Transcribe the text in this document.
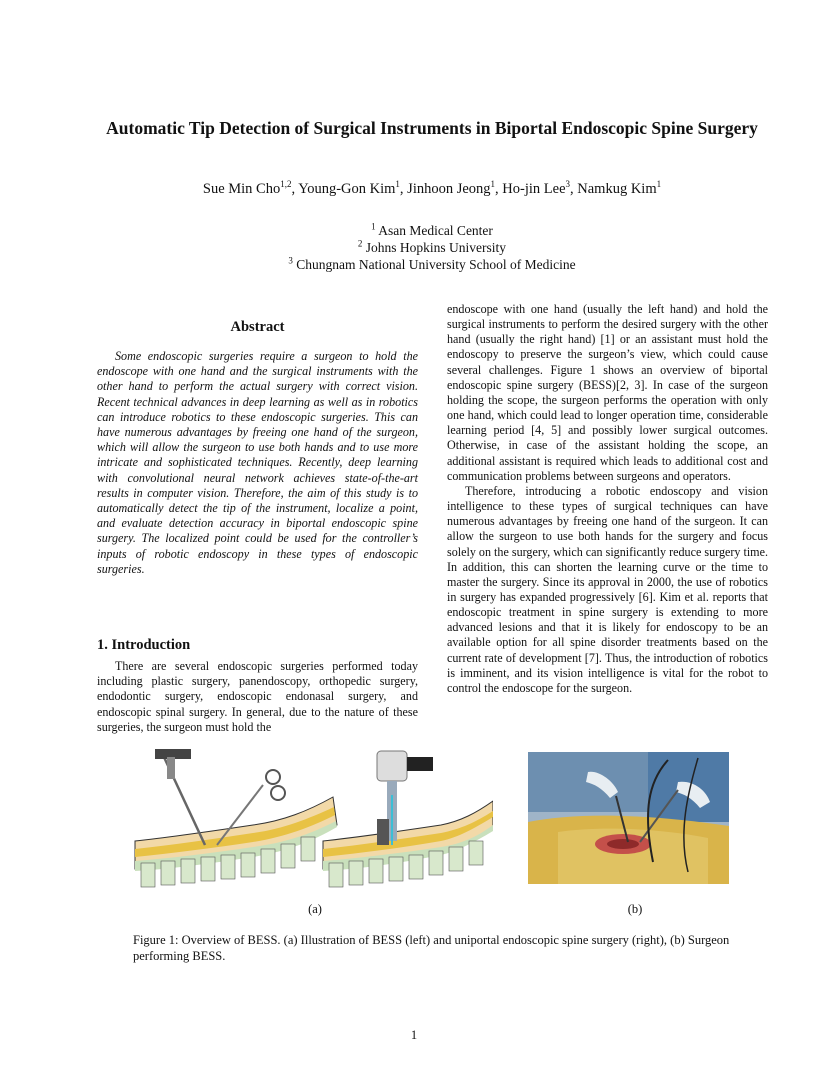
Automatic Tip Detection of Surgical Instruments in Biportal Endoscopic Spine Surgery
Sue Min Cho$^{1,2}$, Young-Gon Kim$^1$, Jinhoon Jeong$^1$, Ho-jin Lee$^3$, Namkug Kim$^1$
$^1$ Asan Medical Center
$^2$ Johns Hopkins University
$^3$ Chungnam National University School of Medicine
Abstract

Some endoscopic surgeries require a surgeon to hold the endoscope with one hand and the surgical instruments with the other hand to perform the actual surgery with correct vision. Recent technical advances in deep learning as well as in robotics can introduce robotics to these endoscopic surgeries. This can have numerous advantages by freeing one hand of the surgeon, which will allow the surgeon to use both hands and to use more intricate and sophisticated techniques. Recently, deep learning with convolutional neural network achieves state-of-the-art results in computer vision. Therefore, the aim of this study is to automatically detect the tip of the instrument, localize a point, and evaluate detection accuracy in biportal endoscopic spine surgery. The localized point could be used for the controller’s inputs of robotic endoscopy in these types of endoscopic surgeries.

1. Introduction

There are several endoscopic surgeries performed today including plastic surgery, panendoscopy, orthopedic surgery, endodontic surgery, endoscopic endonasal surgery, and endoscopic spinal surgery. In general, due to the nature of these surgeries, the surgeon must hold the

endoscope with one hand (usually the left hand) and hold the surgical instruments to perform the desired surgery with the other hand (usually the right hand) [1] or an assistant must hold the endoscopy to preserve the surgeon’s view, which could cause several challenges. Figure 1 shows an overview of biportal endoscopic spine surgery (BESS)[2, 3]. In case of the surgeon holding the scope, the surgeon performs the operation with only one hand, which could lead to longer operation time, considerable learning period [4, 5] and possibly lower surgical outcomes. Otherwise, in case of the assistant holding the scope, an additional assistant is required which leads to additional cost and communication problems between surgeons and operators.

Therefore, introducing a robotic endoscopy and vision intelligence to these types of surgical techniques can have numerous advantages by freeing one hand of the surgeon. It can allow the surgeon to use both hands for the surgery and focus solely on the surgery, which can significantly reduce surgery time. In addition, this can shorten the learning curve or the time to master the surgery. Since its approval in 2000, the use of robotics in surgery has expanded progressively [6]. Kim et al. reports that endoscopic treatment in spine surgery is extending to more advanced lesions and that it is likely for endoscopy to be an available option for all spine disorder treatments based on the current rate of development [7]. Thus, the introduction of robotics is imminent, and its vision intelligence is vital for the robot to control the endoscope for the surgeon.

(a)	(b)
Figure 1: Overview of BESS. (a) Illustration of BESS (left) and uniportal endoscopic spine surgery (right), (b) Surgeon performing BESS.
1
